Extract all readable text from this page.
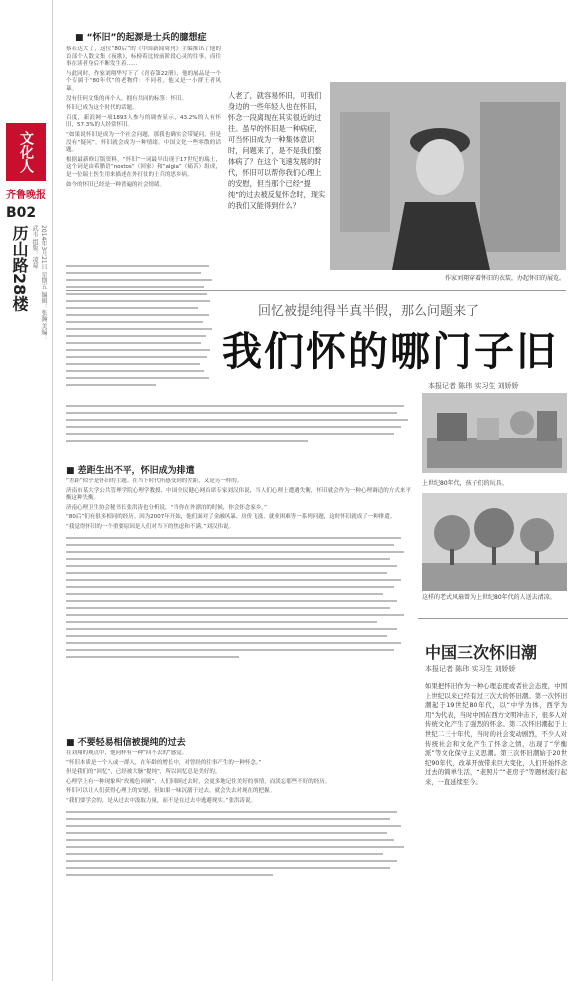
文化人
齐鲁晚报
B02
历山路28楼	2014年3月21日 星期五 编辑：张瀚 美编：武韦 组版：凌莓
■ “怀旧”的起源是士兵的臆想症

蔡若达大了，这位“80后”的《中国新闻周刊》主编推出了他的首部个人散文集《夜歌》，标榜着比较前阶段心灵的往事，而往事在读者身后不断发生着……

与此同时，作家刘翔华写下了《青春第22册》，他的展品是一个个专属于“80年代”的老物件：不同者，他又是一小群王者风暴。

没有任何文集的再个人，拥有共同的标签：怀旧。

怀旧已成为这个时代的话题。

百度，新浪网一项1893人参与的调查显示，43.2%的人有怀旧，57.3%的人经常怀旧。

“如果说怀旧是成为一个社会问题，那我也确实会带疑问，但是没有“疑问”，怀旧就会成为一种情绪。中国文化一些零散的话题。

根据最新修订版资料，“怀旧”一词最早出现于17世纪的瑞士，这个词是由希腊语“nostos”（回家）和“algia”（痛苦）组成，是一位瑞士医生用来描述在外打仗的士兵的思乡病。

如今的怀旧已经是一种普遍的社会情绪。

人老了，就容易怀旧，可我们身边的一些年轻人也在怀旧，怀念一段离现在其实很近的过往。虽早的怀旧是一种病症，可当怀旧成为一种集体意识时，问题来了，是不是我们整体病了？在这个飞速发展的时代，怀旧可以帮你我们心理上的安慰，但当那个已经“提纯”的过去被反复怀念时，现实的我们又能得到什么？
作家刘翔穿着怀旧的衣装，办起怀旧的展览。
回忆被提纯得半真半假，那么问题来了
我们怀的哪门子旧
本报记者 陈玮 实习生 刘娇娇
上世纪80年代，孩子们的玩具。
■ 差距生出不平，怀旧成为排遣

“差距”似乎是怀旧的主题。在当下时代所感受到的差距，又是另一样的。

济南市某大学公共管理学院心理学教授、中国全民健心网首席专家刘汉伟说，当人们心理上遭遇失衡，怀旧就会作为一种心理调适的方式来平衡这种失衡。

济南心理卫生协会秘书长张洪涛也分析说，“当你在外漂泊的时候，你会怀念家乡。”

“80后”们有很多相同的经历。因为2007年开始，他们面对了金融风暴、房价飞涨、就业困难等一系列问题，这时怀旧就成了一种排遣。

“我觉得怀旧的一个重要原因是人们对当下的焦虑和不满。”刘汉伟说。

这样的老式风扇曾为上世纪80年代的人送去清凉。
■ 不要轻易相信被提纯的过去

在刘翔的观点中，他同样有一种“回不去的”感觉。

“怀旧本质是一个人或一群人，在年龄的增长中，对曾经的往事产生的一种怀念。”

但是我们的“回忆”，已经被大脑“提纯”，所以回忆总是美好的。

心理学上有一种现象叫“玫瑰色回顾”，人们回顾过去时，会更多地记住美好的事情，而淡忘那些不好的经历。

怀旧可以让人们获得心理上的安慰，但如果一味沉溺于过去，就会失去对现在的把握。

“我们要学会的，是从过去中汲取力量，而不是在过去中逃避现实。”张洪涛说。

中国三次怀旧潮
本报记者 陈玮 实习生 刘娇娇
如果把怀旧作为一种心理态度或者社会态度，中国上世纪以来已经有过三次大的怀旧潮。第一次怀旧潮起于19世纪80年代，以“中学为体，西学为用”为代表，当时中国在西方文明冲击下，很多人对传统文化产生了强烈的怀念。第二次怀旧潮起于上世纪二三十年代，当时的社会变动剧烈，不少人对传统社会和文化产生了怀念之情，出现了“学衡派”等文化保守主义思潮。第三次怀旧潮始于20世纪90年代，改革开放带来巨大变化，人们开始怀念过去的简单生活，“老照片”“老房子”等题材流行起来，一直延续至今。
